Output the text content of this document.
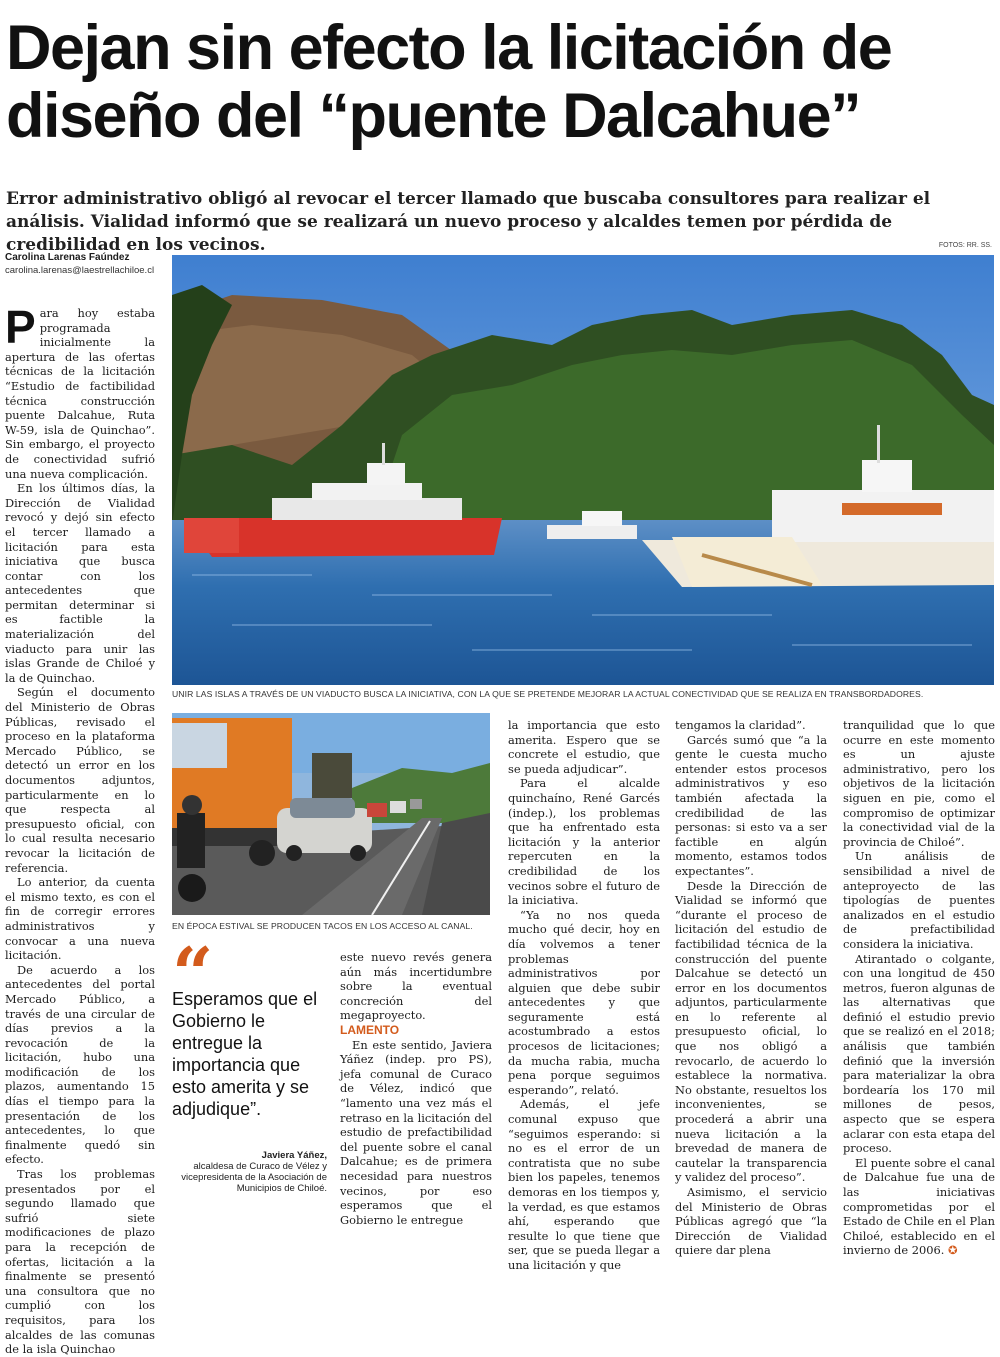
Dejan sin efecto la licitación de diseño del “puente Dalcahue”

Error administrativo obligó al revocar el tercer llamado que buscaba consultores para realizar el análisis. Vialidad informó que se realizará un nuevo proceso y alcaldes temen por pérdida de credibilidad en los vecinos.	FOTOS: RR. SS.
Carolina Larenas Faúndez
carolina.larenas@laestrellachiloe.cl
P ara hoy estaba programada inicialmente la apertura de las ofertas técnicas de la licitación “Estudio de factibilidad técnica construcción puente Dalcahue, Ruta W-59, isla de Quinchao”. Sin embargo, el proyecto de conectividad sufrió una nueva complicación.

En los últimos días, la Dirección de Vialidad revocó y dejó sin efecto el tercer llamado a licitación para esta iniciativa que busca contar con los antecedentes que permitan determinar si es factible la materialización del viaducto para unir las islas Grande de Chiloé y la de Quinchao.

Según el documento del Ministerio de Obras Públicas, revisado el proceso en la plataforma Mercado Público, se detectó un error en los documentos adjuntos, particularmente en lo que respecta al presupuesto oficial, con lo cual resulta necesario revocar la licitación de referencia.

Lo anterior, da cuenta el mismo texto, es con el fin de corregir errores administrativos y convocar a una nueva licitación.

De acuerdo a los antecedentes del portal Mercado Público, a través de una circular de días previos a la revocación de la licitación, hubo una modificación de los plazos, aumentando 15 días el tiempo para la presentación de los antecedentes, lo que finalmente quedó sin efecto.

Tras los problemas presentados por el segundo llamado que sufrió siete modificaciones de plazo para la recepción de ofertas, licitación a la finalmente se presentó una consultora que no cumplió con los requisitos, para los alcaldes de las comunas de la isla Quinchao

UNIR LAS ISLAS A TRAVÉS DE UN VIADUCTO BUSCA LA INICIATIVA, CON LA QUE SE PRETENDE MEJORAR LA ACTUAL CONECTIVIDAD QUE SE REALIZA EN TRANSBORDADORES.
EN ÉPOCA ESTIVAL SE PRODUCEN TACOS EN LOS ACCESO AL CANAL.
“
Esperamos que el Gobierno le entregue la importancia que esto amerita y se adjudique”.
Javiera Yáñez,
alcaldesa de Curaco de Vélez y vicepresidenta de la Asociación de Municipios de Chiloé.

este nuevo revés genera aún más incertidumbre sobre la eventual concreción del megaproyecto.

LAMENTO

En este sentido, Javiera Yáñez (indep. pro PS), jefa comunal de Curaco de Vélez, indicó que “lamento una vez más el retraso en la licitación del estudio de prefactibilidad del puente sobre el canal Dalcahue; es de primera necesidad para nuestros vecinos, por eso esperamos que el Gobierno le entregue

la importancia que esto amerita. Espero que se concrete el estudio, que se pueda adjudicar”.

Para el alcalde quinchaíno, René Garcés (indep.), los problemas que ha enfrentado esta licitación y la anterior repercuten en la credibilidad de los vecinos sobre el futuro de la iniciativa.

“Ya no nos queda mucho qué decir, hoy en día volvemos a tener problemas administrativos por alguien que debe subir antecedentes y que seguramente está acostumbrado a estos procesos de licitaciones; da mucha rabia, mucha pena porque seguimos esperando”, relató.

Además, el jefe comunal expuso que “seguimos esperando: si no es el error de un contratista que no sube bien los papeles, tenemos demoras en los tiempos y, la verdad, es que estamos ahí, esperando que resulte lo que tiene que ser, que se pueda llegar a una licitación y que

tengamos la claridad”.

Garcés sumó que “a la gente le cuesta mucho entender estos procesos administrativos y eso también afectada la credibilidad de las personas: si esto va a ser factible en algún momento, estamos todos expectantes”.

Desde la Dirección de Vialidad se informó que “durante el proceso de licitación del estudio de factibilidad técnica de la construcción del puente Dalcahue se detectó un error en los documentos adjuntos, particularmente en lo referente al presupuesto oficial, lo que nos obligó a revocarlo, de acuerdo lo establece la normativa. No obstante, resueltos los inconvenientes, se procederá a abrir una nueva licitación a la brevedad de manera de cautelar la transparencia y validez del proceso”.

Asimismo, el servicio del Ministerio de Obras Públicas agregó que “la Dirección de Vialidad quiere dar plena

tranquilidad que lo que ocurre en este momento es un ajuste administrativo, pero los objetivos de la licitación siguen en pie, como el compromiso de optimizar la conectividad vial de la provincia de Chiloé”.

Un análisis de sensibilidad a nivel de anteproyecto de las tipologías de puentes analizados en el estudio de prefactibilidad considera la iniciativa.

Atirantado o colgante, con una longitud de 450 metros, fueron algunas de las alternativas que definió el estudio previo que se realizó en el 2018; análisis que también definió que la inversión para materializar la obra bordearía los 170 mil millones de pesos, aspecto que se espera aclarar con esta etapa del proceso.

El puente sobre el canal de Dalcahue fue una de las iniciativas comprometidas por el Estado de Chile en el Plan Chiloé, establecido en el invierno de 2006. ✪
